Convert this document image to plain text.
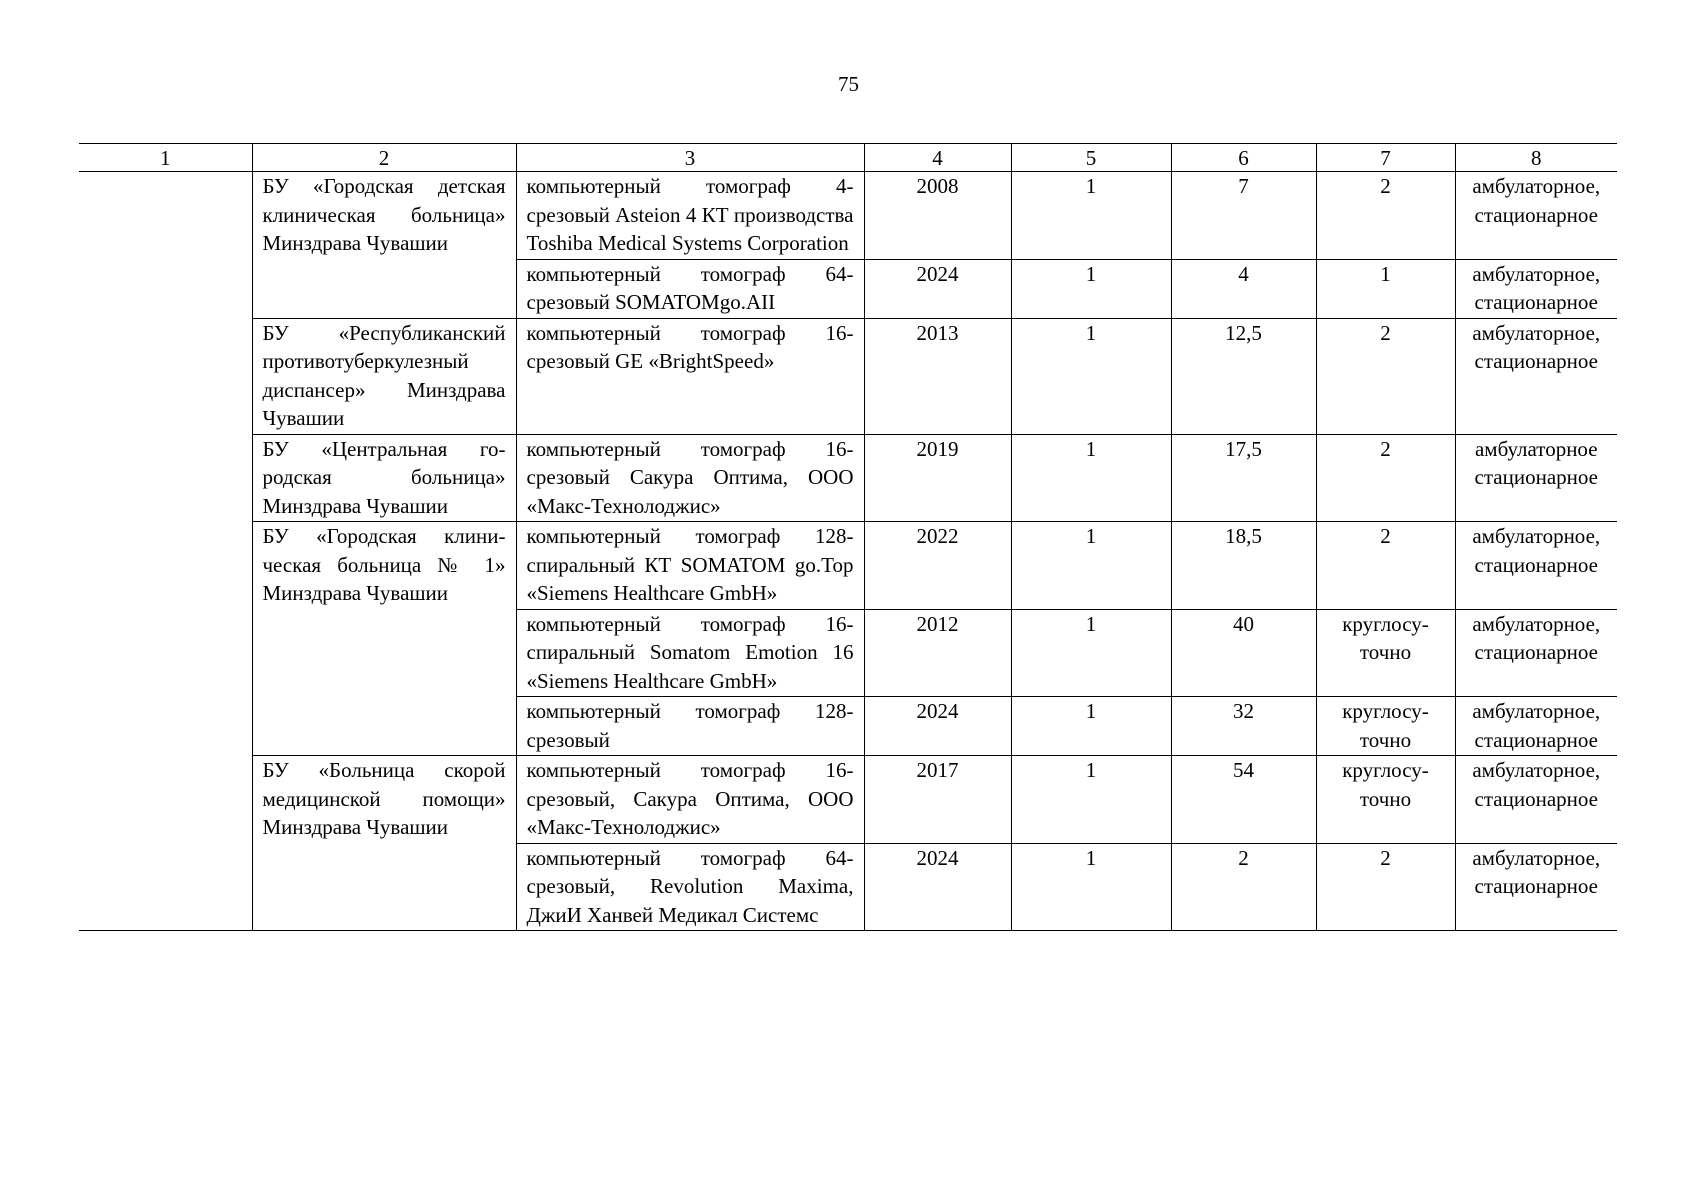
75
1	2	3	4	5	6	7	8
	БУ «Городская детская клиническая больница» Минздрава Чувашии	компьютерный томограф 4-срезовый Asteion 4 КТ производства Toshiba Medical Systems Corporation	2008	1	7	2	амбулаторное, стационарное
		компьютерный томограф 64-срезовый SOMATOMgo.AII	2024	1	4	1	амбулаторное, стационарное
	БУ «Республиканский противотуберкулезный диспансер» Минздрава Чувашии	компьютерный томограф 16-срезовый GE «BrightSpeed»	2013	1	12,5	2	амбулаторное, стационарное
	БУ «Центральная городская больница» Минздрава Чувашии	компьютерный томограф 16-срезовый Сакура Оптима, ООО «Макс-Технолоджис»	2019	1	17,5	2	амбулаторное стационарное
	БУ «Городская клиническая больница № 1» Минздрава Чувашии	компьютерный томограф 128-спиральный КТ SOMATOM go.Top «Siemens Healthcare GmbH»	2022	1	18,5	2	амбулаторное, стационарное
		компьютерный томограф 16-спиральный Somatom Emotion 16 «Siemens Healthcare GmbH»	2012	1	40	круглосуточно	амбулаторное, стационарное
		компьютерный томограф 128-срезовый	2024	1	32	круглосуточно	амбулаторное, стационарное
	БУ «Больница скорой медицинской помощи» Минздрава Чувашии	компьютерный томограф 16-срезовый, Сакура Оптима, ООО «Макс-Технолоджис»	2017	1	54	круглосуточно	амбулаторное, стационарное
		компьютерный томограф 64-срезовый, Revolution Maxima, ДжиИ Ханвей Медикал Системс	2024	1	2	2	амбулаторное, стационарное
